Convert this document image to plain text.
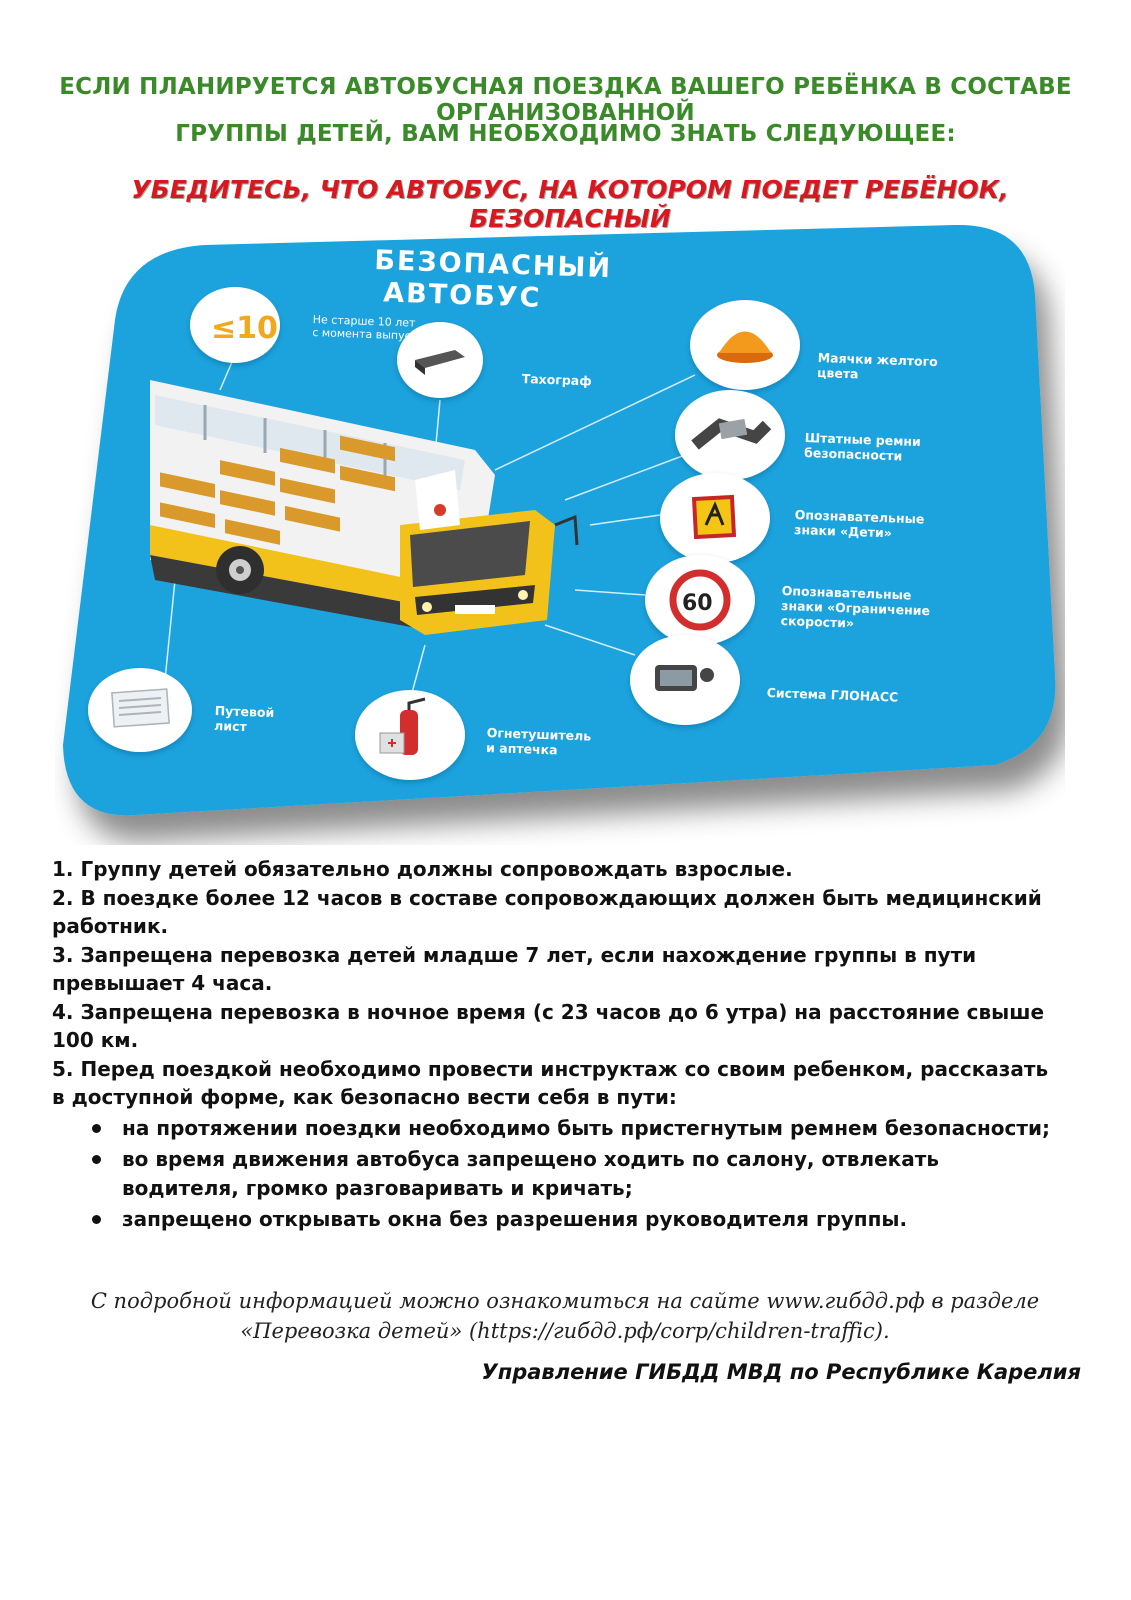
ЕСЛИ ПЛАНИРУЕТСЯ АВТОБУСНАЯ ПОЕЗДКА ВАШЕГО РЕБЁНКА В СОСТАВЕ ОРГАНИЗОВАННОЙ
ГРУППЫ ДЕТЕЙ, ВАМ НЕОБХОДИМО ЗНАТЬ СЛЕДУЮЩЕЕ:
УБЕДИТЕСЬ, ЧТО АВТОБУС, НА КОТОРОМ ПОЕДЕТ РЕБЁНОК, БЕЗОПАСНЫЙ
≤10
60
БЕЗОПАСНЫЙ
АВТОБУС
Не старше 10 лет
с момента выпуска
Тахограф
Маячки желтого
цвета
Штатные ремни
безопасности
Опознавательные
знаки «Дети»
Опознавательные
знаки «Ограничение
скорости»
Система ГЛОНАСС
Путевой
лист	Огнетушитель
и аптечка
1. Группу детей обязательно должны сопровождать взрослые.
2. В поездке более 12 часов в составе сопровождающих должен быть медицинский работник.
3. Запрещена перевозка детей младше 7 лет, если нахождение группы в пути превышает 4 часа.
4. Запрещена перевозка в ночное время (с 23 часов до 6 утра) на расстояние свыше 100 км.
5. Перед поездкой необходимо провести инструктаж со своим ребенком, рассказать в доступной форме, как безопасно вести себя в пути:
на протяжении поездки необходимо быть пристегнутым ремнем безопасности;
во время движения автобуса запрещено ходить по салону, отвлекать водителя, громко разговаривать и кричать;
запрещено открывать окна без разрешения руководителя группы.
С подробной информацией можно ознакомиться на сайте www.гибдд.рф в разделе
«Перевозка детей» (https://гибдд.рф/corp/children-traffic).
Управление ГИБДД МВД по Республике Карелия
